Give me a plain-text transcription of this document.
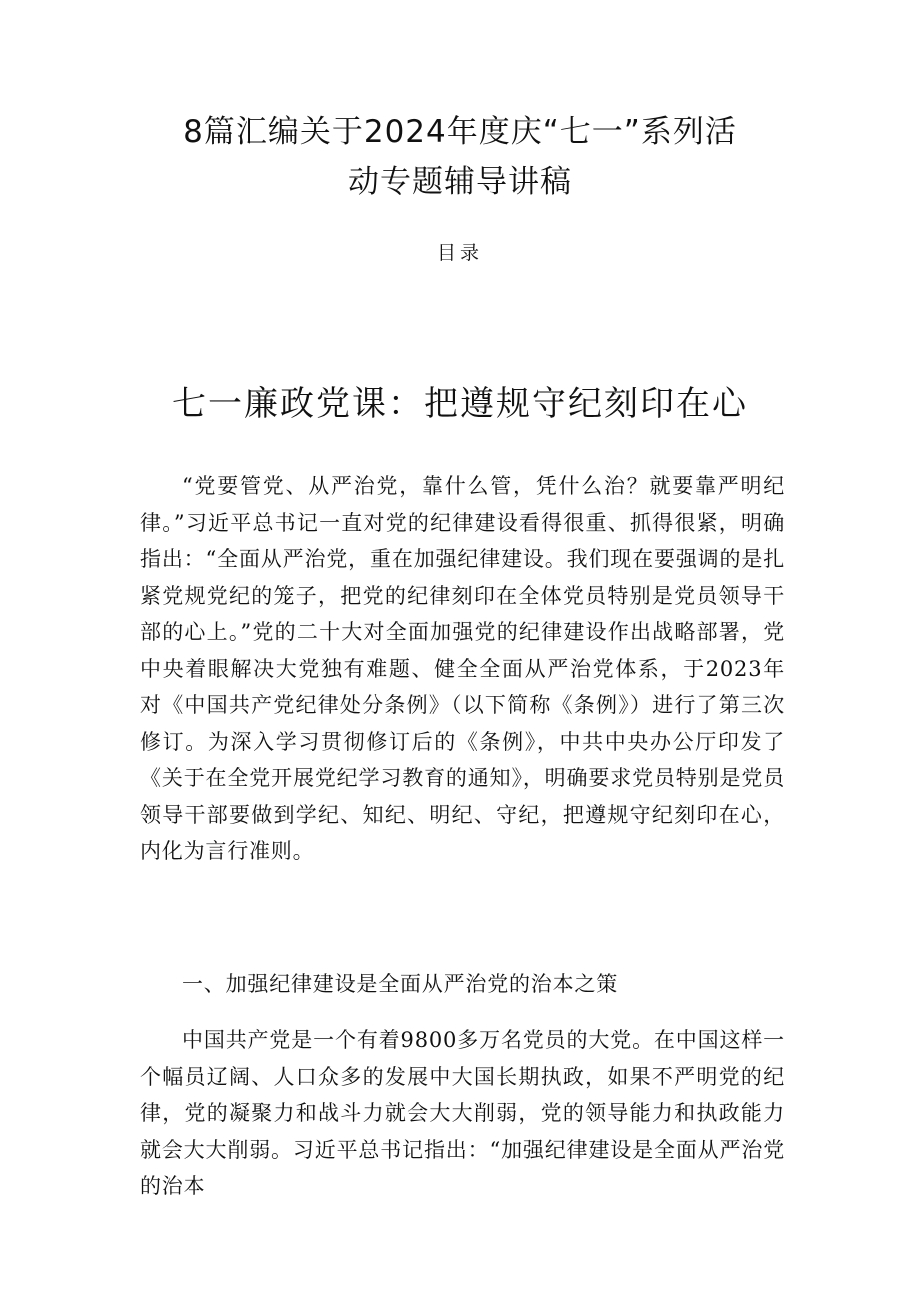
8篇汇编关于2024年度庆“七一”系列活
动专题辅导讲稿
目录
七一廉政党课：把遵规守纪刻印在心

“党要管党、从严治党，靠什么管，凭什么治？就要靠严明纪律。”习近平总书记一直对党的纪律建设看得很重、抓得很紧，明确指出：“全面从严治党，重在加强纪律建设。我们现在要强调的是扎紧党规党纪的笼子，把党的纪律刻印在全体党员特别是党员领导干部的心上。”党的二十大对全面加强党的纪律建设作出战略部署，党中央着眼解决大党独有难题、健全全面从严治党体系，于2023年对《中国共产党纪律处分条例》（以下简称《条例》）进行了第三次修订。为深入学习贯彻修订后的《条例》，中共中央办公厅印发了《关于在全党开展党纪学习教育的通知》，明确要求党员特别是党员领导干部要做到学纪、知纪、明纪、守纪，把遵规守纪刻印在心，内化为言行准则。

一、加强纪律建设是全面从严治党的治本之策

中国共产党是一个有着9800多万名党员的大党。在中国这样一个幅员辽阔、人口众多的发展中大国长期执政，如果不严明党的纪律，党的凝聚力和战斗力就会大大削弱，党的领导能力和执政能力就会大大削弱。习近平总书记指出：“加强纪律建设是全面从严治党的治本
